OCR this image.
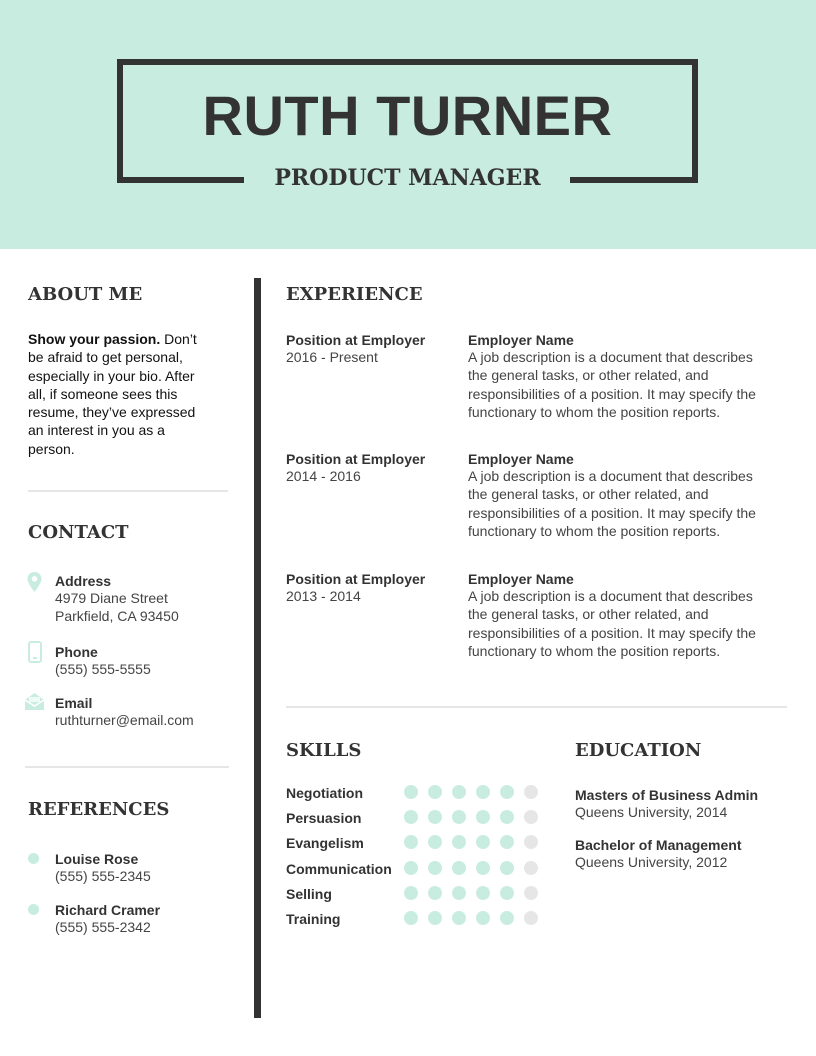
RUTH TURNER
PRODUCT MANAGER
ABOUT ME
Show your passion. Don’t be afraid to get personal, especially in your bio. After all, if someone sees this resume, they’ve expressed an interest in you as a person.
CONTACT
Address
4979 Diane Street
Parkfield, CA 93450
Phone
(555) 555-5555
Email
ruthturner@email.com
REFERENCES
Louise Rose
(555) 555-2345
Richard Cramer
(555) 555-2342
EXPERIENCE
Position at Employer
2016 - Present
Employer Name
A job description is a document that describes the general tasks, or other related, and responsibilities of a position. It may specify the functionary to whom the position reports.
Position at Employer
2014 - 2016
Employer Name
A job description is a document that describes the general tasks, or other related, and responsibilities of a position. It may specify the functionary to whom the position reports.
Position at Employer
2013 - 2014
Employer Name
A job description is a document that describes the general tasks, or other related, and responsibilities of a position. It may specify the functionary to whom the position reports.
SKILLS
Negotiation
Persuasion
Evangelism
Communication
Selling
Training
EDUCATION
Masters of Business Admin
Queens University, 2014
Bachelor of Management
Queens University, 2012
